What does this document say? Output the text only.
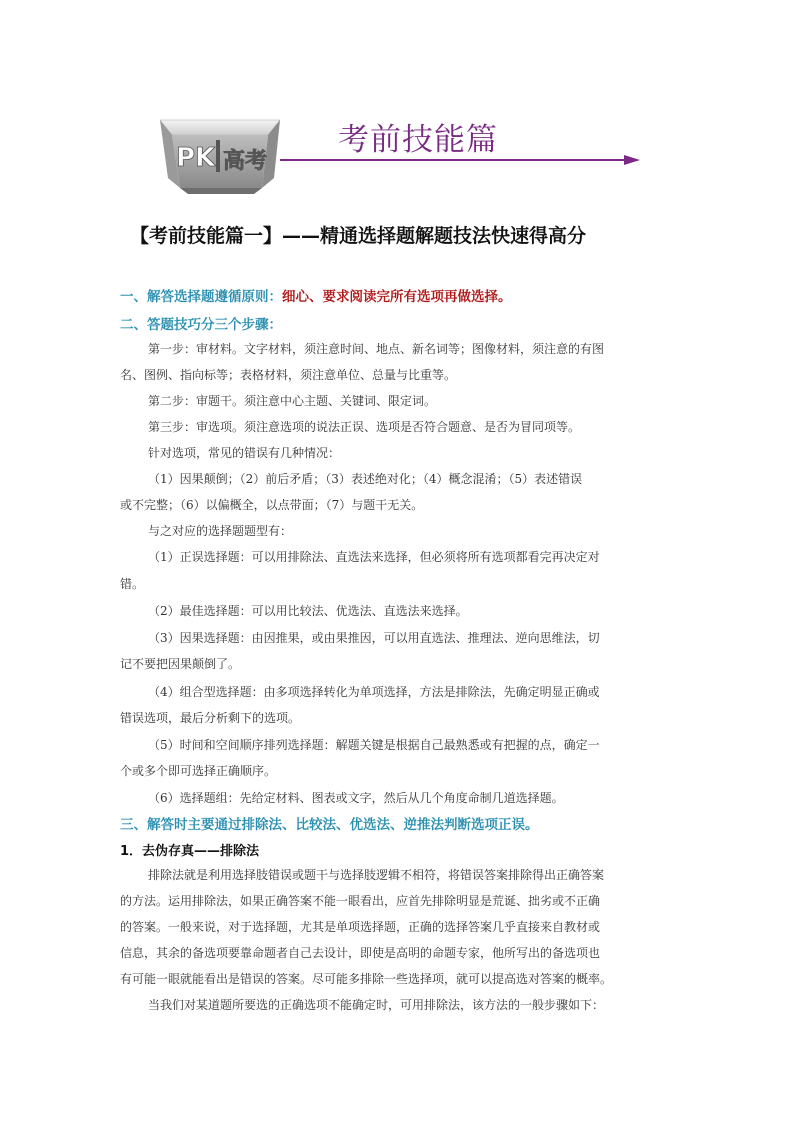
PK 高考
考前技能篇
【考前技能篇一】——精通选择题解题技法快速得高分
一、解答选择题遵循原则：细心、要求阅读完所有选项再做选择。
二、答题技巧分三个步骤：
第一步：审材料。文字材料，须注意时间、地点、新名词等；图像材料，须注意的有图
名、图例、指向标等；表格材料，须注意单位、总量与比重等。
第二步：审题干。须注意中心主题、关键词、限定词。
第三步：审选项。须注意选项的说法正误、选项是否符合题意、是否为冒同项等。
针对选项，常见的错误有几种情况：
（1）因果颠倒；（2）前后矛盾；（3）表述绝对化；（4）概念混淆；（5）表述错误
或不完整；（6）以偏概全，以点带面；（7）与题干无关。
与之对应的选择题题型有：
（1）正误选择题：可以用排除法、直选法来选择，但必须将所有选项都看完再决定对
错。
（2）最佳选择题：可以用比较法、优选法、直选法来选择。
（3）因果选择题：由因推果，或由果推因，可以用直选法、推理法、逆向思维法，切
记不要把因果颠倒了。
（4）组合型选择题：由多项选择转化为单项选择，方法是排除法，先确定明显正确或
错误选项，最后分析剩下的选项。
（5）时间和空间顺序排列选择题：解题关键是根据自己最熟悉或有把握的点，确定一
个或多个即可选择正确顺序。
（6）选择题组：先给定材料、图表或文字，然后从几个角度命制几道选择题。
三、解答时主要通过排除法、比较法、优选法、逆推法判断选项正误。
1．去伪存真——排除法
排除法就是利用选择肢错误或题干与选择肢逻辑不相符，将错误答案排除得出正确答案
的方法。运用排除法，如果正确答案不能一眼看出，应首先排除明显是荒诞、拙劣或不正确
的答案。一般来说，对于选择题，尤其是单项选择题，正确的选择答案几乎直接来自教材或
信息，其余的备选项要靠命题者自己去设计，即使是高明的命题专家，他所写出的备选项也
有可能一眼就能看出是错误的答案。尽可能多排除一些选择项，就可以提高选对答案的概率。
当我们对某道题所要选的正确选项不能确定时，可用排除法，该方法的一般步骤如下：
